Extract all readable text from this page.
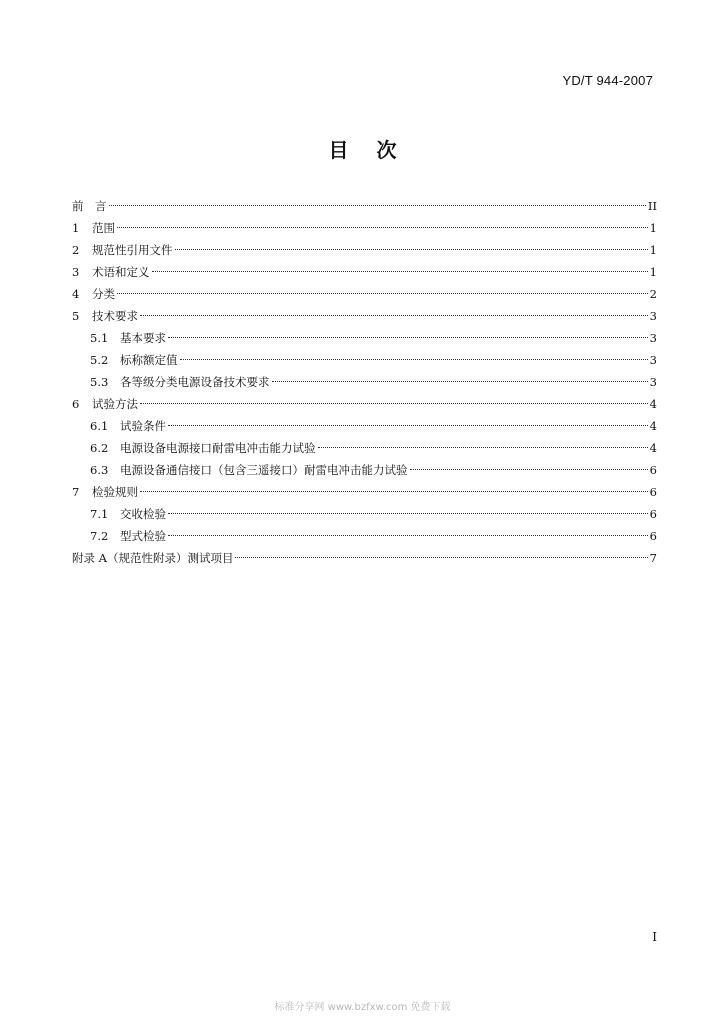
YD/T 944-2007
目 次
前　言	II
1	范围	1
2	规范性引用文件	1
3	术语和定义	1
4	分类	2
5	技术要求	3
5.1	基本要求	3
5.2	标称额定值	3
5.3	各等级分类电源设备技术要求	3
6	试验方法	4
6.1	试验条件	4
6.2	电源设备电源接口耐雷电冲击能力试验	4
6.3	电源设备通信接口（包含三遥接口）耐雷电冲击能力试验	6
7	检验规则	6
7.1	交收检验	6
7.2	型式检验	6
附录 A （规范性附录）测试项目	7
I
标准分享网 www.bzfxw.com 免费下载
